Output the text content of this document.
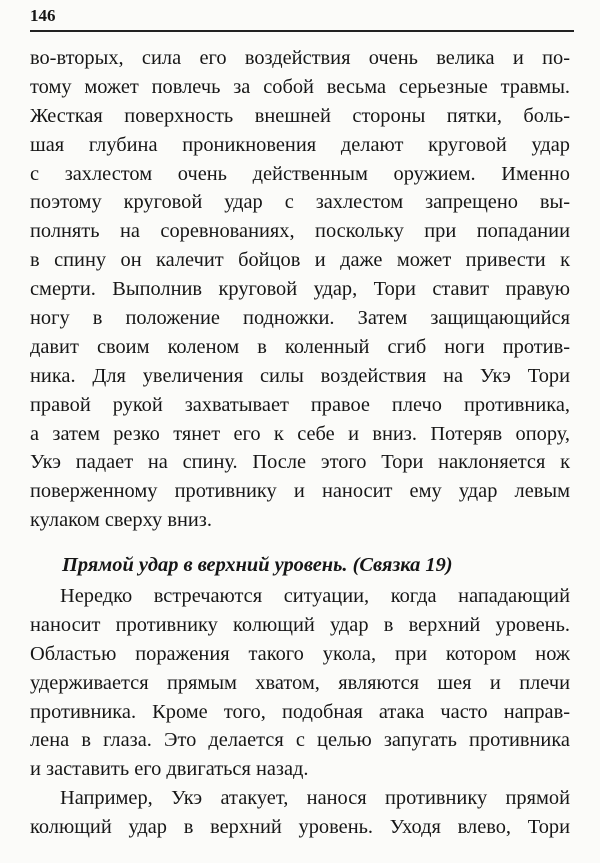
146
во-вторых, сила его воздействия очень велика и по-
тому может повлечь за собой весьма серьезные травмы.
Жесткая поверхность внешней стороны пятки, боль-
шая глубина проникновения делают круговой удар
с захлестом очень действенным оружием. Именно
поэтому круговой удар с захлестом запрещено вы-
полнять на соревнованиях, поскольку при попадании
в спину он калечит бойцов и даже может привести к
смерти. Выполнив круговой удар, Тори ставит правую
ногу в положение подножки. Затем защищающийся
давит своим коленом в коленный сгиб ноги против-
ника. Для увеличения силы воздействия на Укэ Тори
правой рукой захватывает правое плечо противника,
а затем резко тянет его к себе и вниз. Потеряв опору,
Укэ падает на спину. После этого Тори наклоняется к
поверженному противнику и наносит ему удар левым
кулаком сверху вниз.
Прямой удар в верхний уровень. (Связка 19)
Нередко встречаются ситуации, когда нападающий
наносит противнику колющий удар в верхний уровень.
Областью поражения такого укола, при котором нож
удерживается прямым хватом, являются шея и плечи
противника. Кроме того, подобная атака часто направ-
лена в глаза. Это делается с целью запугать противника
и заставить его двигаться назад.
Например, Укэ атакует, нанося противнику прямой
колющий удар в верхний уровень. Уходя влево, Тори
